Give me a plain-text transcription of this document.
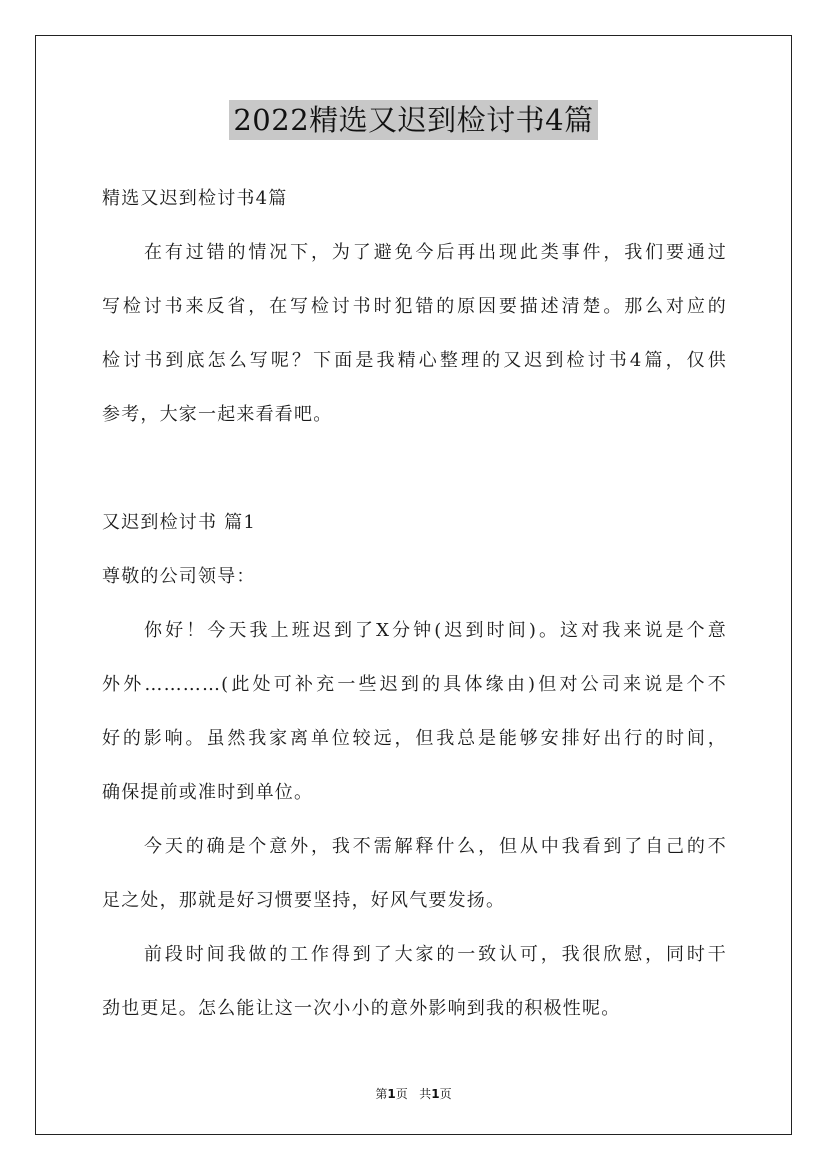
2022精选又迟到检讨书4篇
精选又迟到检讨书4篇
在有过错的情况下，为了避免今后再出现此类事件，我们要通过
写检讨书来反省，在写检讨书时犯错的原因要描述清楚。那么对应的
检讨书到底怎么写呢？下面是我精心整理的又迟到检讨书4篇，仅供
参考，大家一起来看看吧。
又迟到检讨书 篇1
尊敬的公司领导：
你好！今天我上班迟到了X分钟(迟到时间)。这对我来说是个意
外外…………(此处可补充一些迟到的具体缘由)但对公司来说是个不
好的影响。虽然我家离单位较远，但我总是能够安排好出行的时间，
确保提前或准时到单位。
今天的确是个意外，我不需解释什么，但从中我看到了自己的不
足之处，那就是好习惯要坚持，好风气要发扬。
前段时间我做的工作得到了大家的一致认可，我很欣慰，同时干
劲也更足。怎么能让这一次小小的意外影响到我的积极性呢。
第1页 共1页
